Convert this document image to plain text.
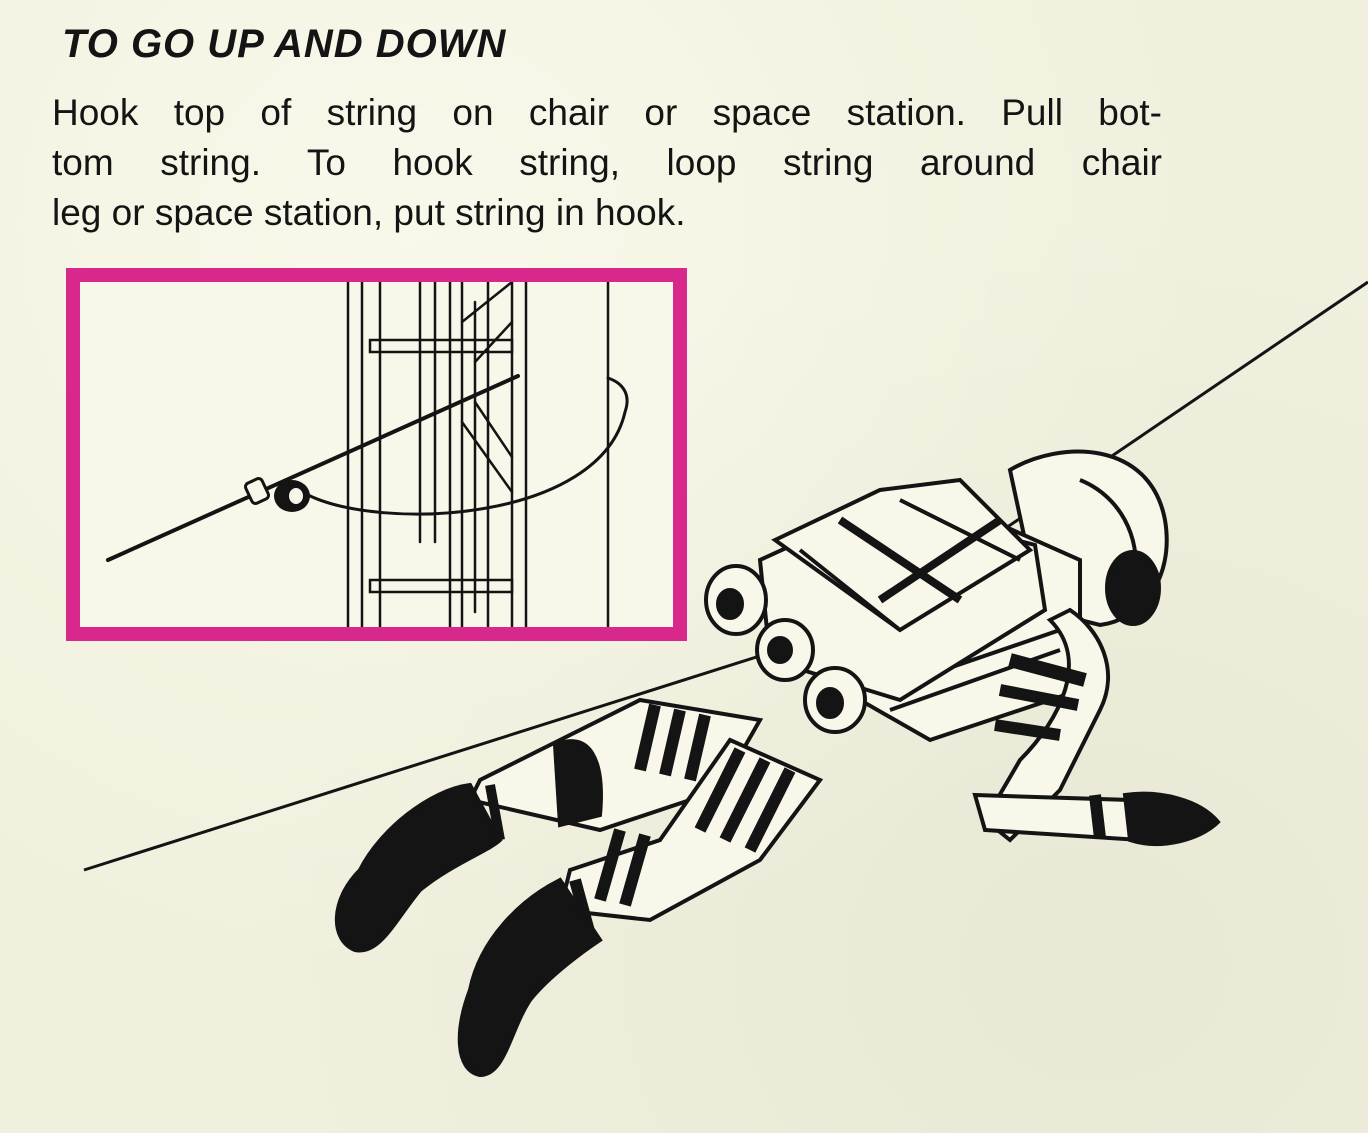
TO GO UP AND DOWN

Hook top of string on chair or space station. Pull bot-
tom string. To hook string, loop string around chair
leg or space station, put string in hook.
